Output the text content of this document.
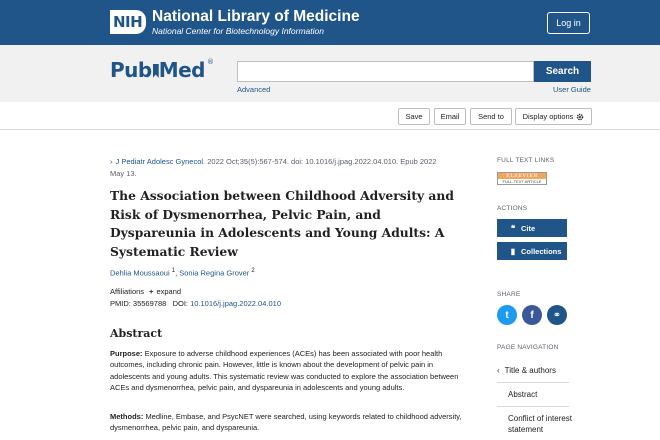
NIH National Library of Medicine
National Center for Biotechnology Information
Log in
Pub Med ®
Search
Advanced	User Guide
Save	Email	Send to	Display options
› J Pediatr Adolesc Gynecol. 2022 Oct;35(5):567-574. doi: 10.1016/j.jpag.2022.04.010. Epub 2022 May 13.
The Association between Childhood Adversity and Risk of Dysmenorrhea, Pelvic Pain, and Dyspareunia in Adolescents and Young Adults: A Systematic Review
Dehlia Moussaoui $^1$, Sonia Regina Grover $^2$
Affiliations + expand
PMID: 35569788 DOI: 10.1016/j.jpag.2022.04.010
Abstract

Purpose: Exposure to adverse childhood experiences (ACEs) has been associated with poor health outcomes, including chronic pain. However, little is known about the development of pelvic pain in adolescents and young adults. This systematic review was conducted to explore the association between ACEs and dysmenorrhea, pelvic pain, and dyspareunia in adolescents and young adults.

Methods: Medline, Embase, and PsycNET were searched, using keywords related to childhood adversity, dysmenorrhea, pelvic pain, and dyspareunia.

FULL TEXT LINKS
ELSEVIER
FULL-TEXT ARTICLE
ACTIONS
❝ Cite
▮ Collections
SHARE
t	f	⚭
PAGE NAVIGATION
‹ Title & authors
Abstract
Conflict of interest statement
